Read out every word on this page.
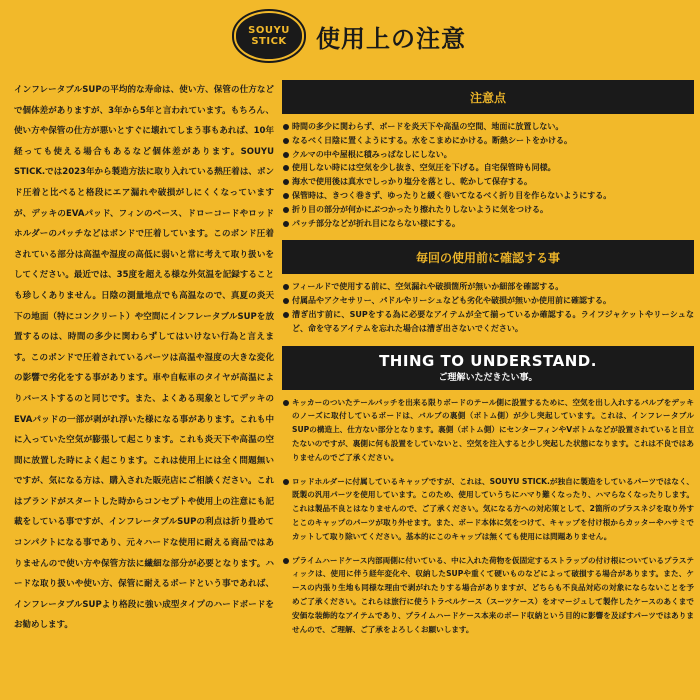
SOUYU
STICK 使用上の注意
インフレータブルSUPの平均的な寿命は、使い方、保管の仕方などで個体差がありますが、3年から5年と言われています。もちろん、使い方や保管の仕方が悪いとすぐに壊れてしまう事もあれば、10年経っても使える場合もあるなど個体差があります。SOUYU STICK.では2023年から製造方法に取り入れている熱圧着は、ボンド圧着と比べると格段にエア漏れや破損がしにくくなっていますが、デッキのEVAパッド、フィンのベース、ドローコードやロッドホルダーのパッチなどはボンドで圧着しています。このボンド圧着されている部分は高温や湿度の高低に弱いと常に考えて取り扱いをしてください。最近では、35度を超える様な外気温を記録することも珍しくありません。日陰の測量地点でも高温なので、真夏の炎天下の地面（特にコンクリート）や空間にインフレータブルSUPを放置するのは、時間の多少に関わらずしてはいけない行為と言えます。このボンドで圧着されているパーツは高温や湿度の大きな変化の影響で劣化をする事があります。車や自転車のタイヤが高温によりバーストするのと同じです。また、よくある現象としてデッキのEVAパッドの一部が剥がれ浮いた様になる事があります。これも中に入っていた空気が膨張して起こります。これも炎天下や高温の空間に放置した時によく起こります。これは使用上には全く問題無いですが、気になる方は、購入された販売店にご相談ください。これはブランドがスタートした時からコンセプトや使用上の注意にも記載をしている事ですが、インフレータブルSUPの利点は折り畳めてコンパクトになる事であり、元々ハードな使用に耐える商品ではありませんので使い方や保管方法に繊細な部分が必要となります。ハードな取り扱いや使い方、保管に耐えるボードという事であれば、インフレータブルSUPより格段に強い成型タイプのハードボードをお勧めします。
注意点
時間の多少に関わらず、ボードを炎天下や高温の空間、地面に放置しない。
なるべく日陰に置くようにする。水をこまめにかける。断熱シートをかける。
クルマの中や屋根に積みっぱなしにしない。
使用しない時には空気を少し抜き、空気圧を下げる。自宅保管時も同様。
海水で使用後は真水でしっかり塩分を落とし、乾かして保存する。
保管時は、きつく巻きず、ゆったりと緩く巻いてなるべく折り目を作らないようにする。
折り目の部分が何かにぶつかったり擦れたりしないように気をつける。
パッチ部分などが折れ目にならない様にする。
毎回の使用前に確認する事
フィールドで使用する前に、空気漏れや破損箇所が無いか細部を確認する。
付属品やアクセサリー、パドルやリーシュなども劣化や破損が無いか使用前に確認する。
漕ぎ出す前に、SUPをする為に必要なアイテムが全て揃っているか確認する。ライフジャケットやリーシュなど、命を守るアイテムを忘れた場合は漕ぎ出さないでください。
THING TO UNDERSTAND.
ご理解いただきたい事。
キッカーのついたテールパッチを出来る限りボードのテール側に設置するために、空気を出し入れするバルブをデッキのノーズに取付しているボードは、バルブの裏側（ボトム側）が少し突起しています。これは、インフレータブルSUPの構造上、仕方ない部分となります。裏側（ボトム側）にセンターフィンやVボトムなどが設置されていると目立たないのですが、裏側に何も設置をしていないと、空気を注入すると少し突起した状態になります。これは不良ではありませんのでご了承ください。
ロッドホルダーに付属しているキャップですが、これは、SOUYU STICK.が独自に製造をしているパーツではなく、既製の汎用パーツを使用しています。このため、使用していうちにハマり難くなったり、ハマらなくなったりします。これは製品不良とはなりませんので、ご了承ください。気になる方への対応策として、2箇所のプラスネジを取り外すとこのキャップのパーツが取り外せます。また、ボード本体に気をつけて、キャップを付け根からカッターやハサミでカットして取り除いてください。基本的にこのキャップは無くても使用には問題ありません。
プライムハードケース内部両側に付いている、中に入れた荷物を仮固定するストラップの付け根についているプラスティックは、使用に伴う経年変化や、収納したSUPや重くて硬いものなどによって破損する場合があります。また、ケースの内張り生地も同様な理由で剥がれたりする場合がありますが、どちらも不良品対応の対象にならないことを予めご了承ください。これらは旅行に使うトラベルケース（スーツケース）をオマージュして製作したケースのあくまで安価な装飾的なアイテムであり、プライムハードケース本来のボード収納という目的に影響を及ぼすパーツではありませんので、ご理解、ご了承をよろしくお願いします。
